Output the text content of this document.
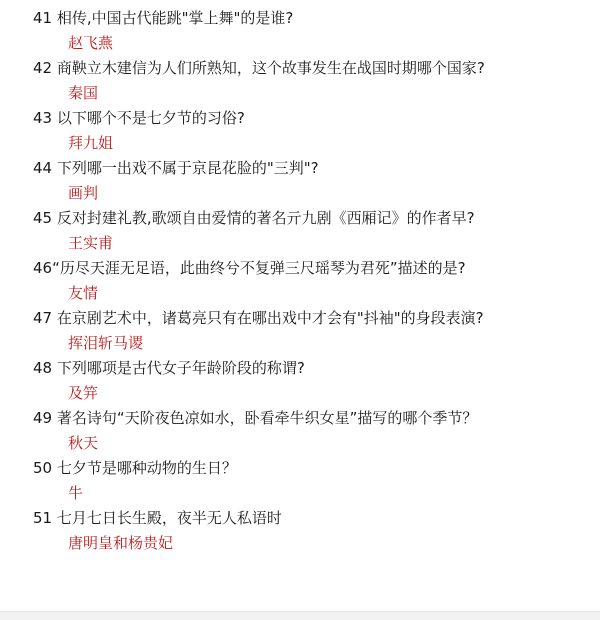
41 相传,中国古代能跳"掌上舞"的是谁?
赵飞燕
42 商鞅立木建信为人们所熟知，这个故事发生在战国时期哪个国家?
秦国
43 以下哪个不是七夕节的习俗?
拜九姐
44 下列哪一出戏不属于京昆花脸的"三判"?
画判
45 反对封建礼教,歌颂自由爱情的著名亓九剧《西厢记》的作者早?
王实甫
46“历尽天涯无足语，此曲终兮不复弹三尺瑶琴为君死”描述的是?
友情
47 在京剧艺术中，诸葛亮只有在哪出戏中才会有"抖袖"的身段表演?
挥泪斩马谡
48 下列哪项是古代女子年龄阶段的称谓?
及笄
49 著名诗句“天阶夜色凉如水，卧看牵牛织女星”描写的哪个季节？
秋天
50 七夕节是哪种动物的生日？
牛
51 七月七日长生殿，夜半无人私语时
唐明皇和杨贵妃
